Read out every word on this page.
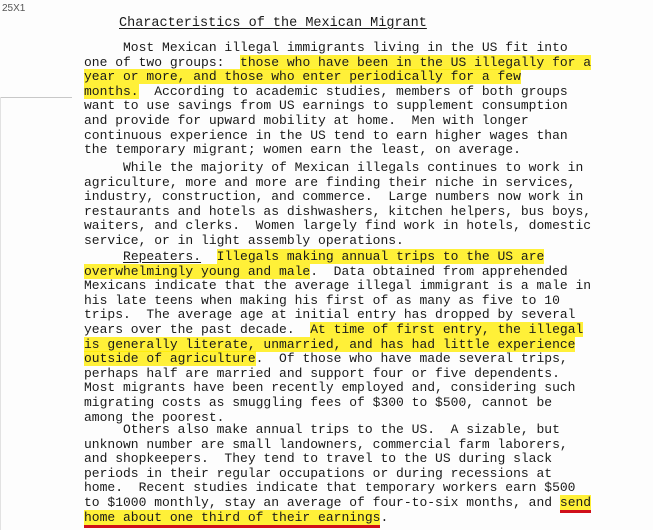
25X1
Characteristics of the Mexican Migrant
Most Mexican illegal immigrants living in the US fit into
one of two groups:  those who have been in the US illegally for a
year or more, and those who enter periodically for a few
months.  According to academic studies, members of both groups
want to use savings from US earnings to supplement consumption
and provide for upward mobility at home.  Men with longer
continuous experience in the US tend to earn higher wages than
the temporary migrant; women earn the least, on average.
While the majority of Mexican illegals continues to work in
agriculture, more and more are finding their niche in services,
industry, construction, and commerce.  Large numbers now work in
restaurants and hotels as dishwashers, kitchen helpers, bus boys,
waiters, and clerks.  Women largely find work in hotels, domestic
service, or in light assembly operations.
Repeaters. Illegals making annual trips to the US are
overwhelmingly young and male.  Data obtained from apprehended
Mexicans indicate that the average illegal immigrant is a male in
his late teens when making his first of as many as five to 10
trips.  The average age at initial entry has dropped by several
years over the past decade.  At time of first entry, the illegal
is generally literate, unmarried, and has had little experience
outside of agriculture.  Of those who have made several trips,
perhaps half are married and support four or five dependents.
Most migrants have been recently employed and, considering such
migrating costs as smuggling fees of $300 to $500, cannot be
among the poorest.
Others also make annual trips to the US.  A sizable, but
unknown number are small landowners, commercial farm laborers,
and shopkeepers.  They tend to travel to the US during slack
periods in their regular occupations or during recessions at
home.  Recent studies indicate that temporary workers earn $500
to $1000 monthly, stay an average of four-to-six months, and send
home about one third of their earnings.
